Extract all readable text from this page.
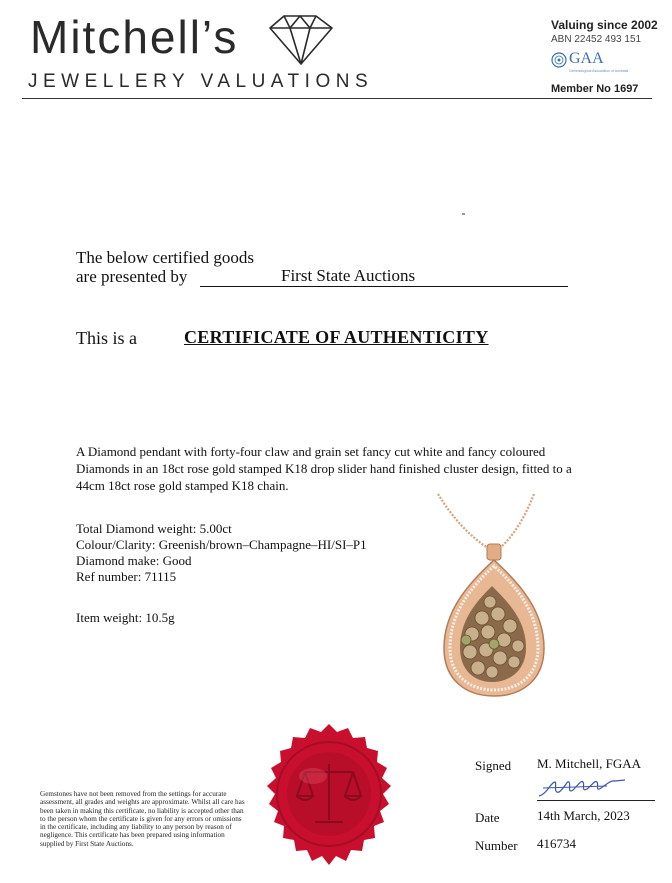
Mitchell’s
JEWELLERY VALUATIONS
Valuing since 2002
ABN 22452 493 151
GAA
Gemmological Association of Australia
Member No 1697
The below certified goods
are presented by	First State Auctions
This is a	CERTIFICATE OF AUTHENTICITY
A Diamond pendant with forty-four claw and grain set fancy cut white and fancy coloured Diamonds in an 18ct rose gold stamped K18 drop slider hand finished cluster design, fitted to a 44cm 18ct rose gold stamped K18 chain.
Total Diamond weight: 5.00ct
Colour/Clarity: Greenish/brown–Champagne–HI/SI–P1
Diamond make: Good
Ref number: 71115
Item weight: 10.5g
Gemstones have not been removed from the settings for accurate assessment, all grades and weights are approximate. Whilst all care has been taken in making this certificate, no liability is accepted other than to the person whom the certificate is given for any errors or omissions in the certificate, including any liability to any person by reason of negligence. This certificate has been prepared using information supplied by First State Auctions.
Signed M. Mitchell, FGAA
Date	14th March, 2023
Number 416734
